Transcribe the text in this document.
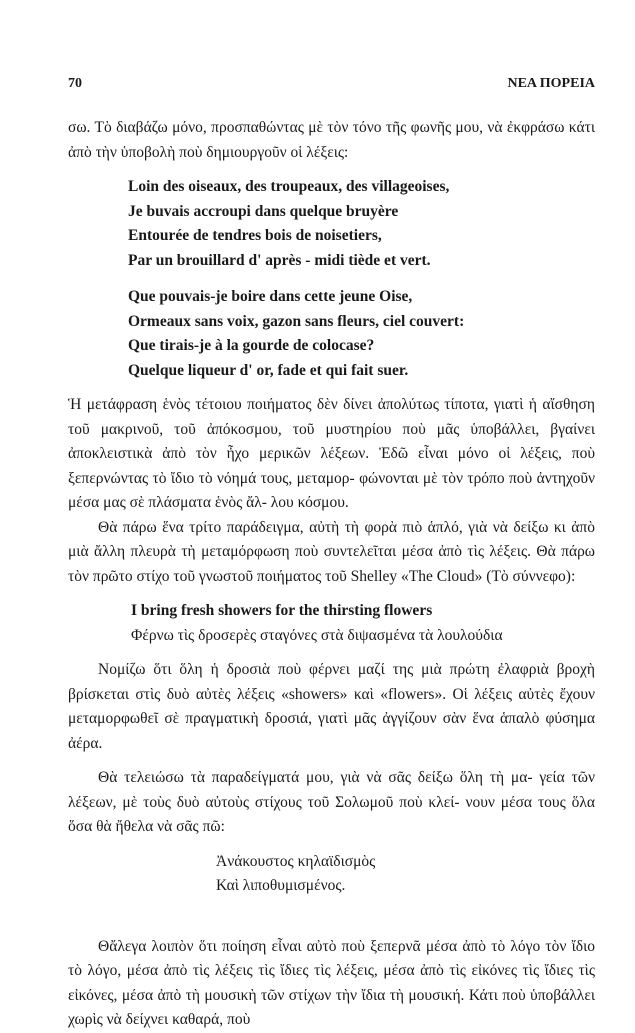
70	ΝΕΑ ΠΟΡΕΙΑ

σω. Τὸ διαβάζω μόνο, προσπαθώντας μὲ τὸν τόνο τῆς φωνῆς μου, νὰ ἐκφράσω κάτι ἀπὸ τὴν ὑποβολὴ ποὺ δημιουργοῦν οἱ λέξεις:

Loin des oiseaux, des troupeaux, des villageoises,
Je buvais accroupi dans quelque bruyère
Entourée de tendres bois de noisetiers,
Par un brouillard d' après - midi tiède et vert.
Que pouvais-je boire dans cette jeune Oise,
Ormeaux sans voix, gazon sans fleurs, ciel couvert:
Que tirais-je à la gourde de colocase?
Quelque liqueur d' or, fade et qui fait suer.

Ἡ μετάφραση ἑνὸς τέτοιου ποιήματος δὲν δίνει ἀπολύτως τίποτα, γιατὶ ἡ αἴσθηση τοῦ μακρινοῦ, τοῦ ἀπόκοσμου, τοῦ μυστηρίου ποὺ μᾶς ὑποβάλλει, βγαίνει ἀποκλειστικὰ ἀπὸ τὸν ἦχο μερικῶν λέξεων. Ἐδῶ εἶναι μόνο οἱ λέξεις, ποὺ ξεπερνώντας τὸ ἴδιο τὸ νόημά τους, μεταμορ- φώνονται μὲ τὸν τρόπο ποὺ ἀντηχοῦν μέσα μας σὲ πλάσματα ἑνὸς ἄλ- λου κόσμου.

Θὰ πάρω ἕνα τρίτο παράδειγμα, αὐτὴ τὴ φορὰ πιὸ ἁπλό, γιὰ νὰ δείξω κι ἀπὸ μιὰ ἄλλη πλευρὰ τὴ μεταμόρφωση ποὺ συντελεῖται μέσα ἀπὸ τὶς λέξεις. Θὰ πάρω τὸν πρῶτο στίχο τοῦ γνωστοῦ ποιήματος τοῦ Shelley «The Cloud» (Τὸ σύννεφο):

I bring fresh showers for the thirsting flowers
Φέρνω τὶς δροσερὲς σταγόνες στὰ διψασμένα τὰ λουλούδια

Νομίζω ὅτι ὅλη ἡ δροσιὰ ποὺ φέρνει μαζί της μιὰ πρώτη ἐλαφριὰ βροχὴ βρίσκεται στὶς δυὸ αὐτὲς λέξεις «showers» καὶ «flowers». Οἱ λέξεις αὐτὲς ἔχουν μεταμορφωθεῖ σὲ πραγματικὴ δροσιά, γιατὶ μᾶς ἀγγίζουν σὰν ἕνα ἁπαλὸ φύσημα ἀέρα.

Θὰ τελειώσω τὰ παραδείγματά μου, γιὰ νὰ σᾶς δείξω ὅλη τὴ μα- γεία τῶν λέξεων, μὲ τοὺς δυὸ αὐτοὺς στίχους τοῦ Σολωμοῦ ποὺ κλεί- νουν μέσα τους ὅλα ὅσα θὰ ἤθελα νὰ σᾶς πῶ:

Ἀνάκουστος κηλαϊδισμὸς
Καὶ λιποθυμισμένος.

Θἄλεγα λοιπὸν ὅτι ποίηση εἶναι αὐτὸ ποὺ ξεπερνᾶ μέσα ἀπὸ τὸ λόγο τὸν ἴδιο τὸ λόγο, μέσα ἀπὸ τὶς λέξεις τὶς ἴδιες τὶς λέξεις, μέσα ἀπὸ τὶς εἰκόνες τὶς ἴδιες τὶς εἰκόνες, μέσα ἀπὸ τὴ μουσικὴ τῶν στίχων τὴν ἴδια τὴ μουσική. Κάτι ποὺ ὑποβάλλει χωρὶς νὰ δείχνει καθαρά, ποὺ
